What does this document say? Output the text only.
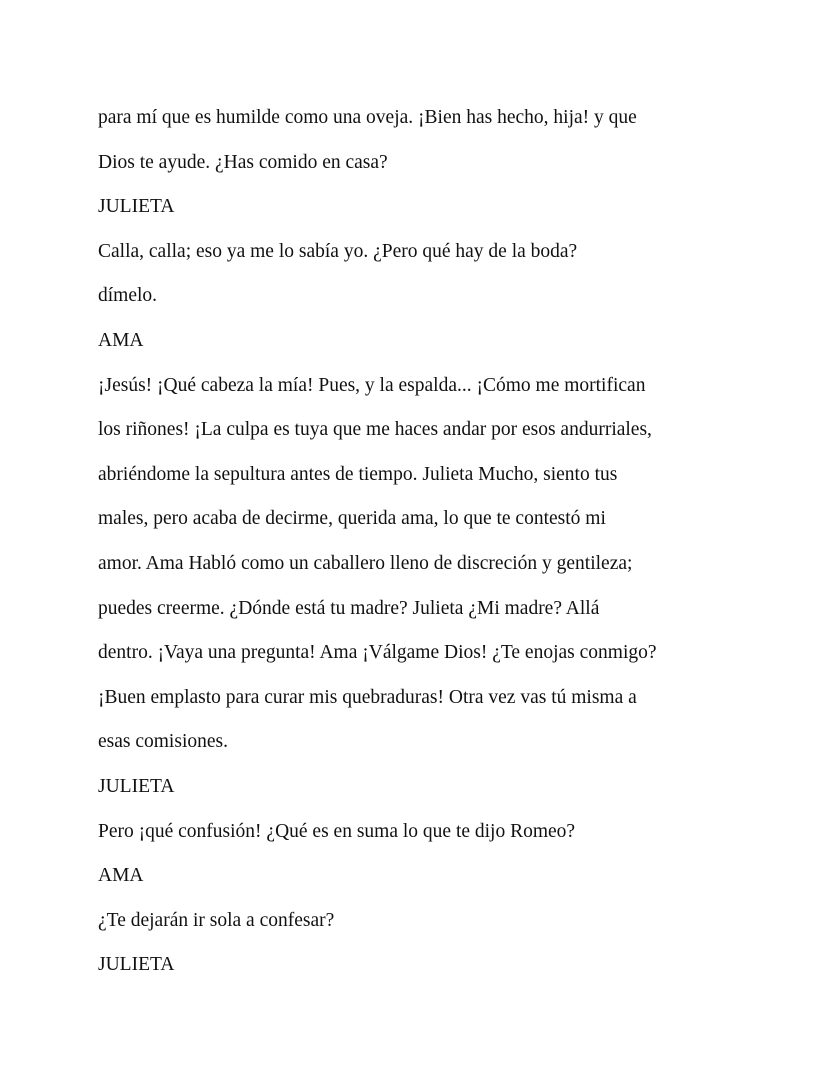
para mí que es humilde como una oveja. ¡Bien has hecho, hija! y que

Dios te ayude. ¿Has comido en casa?

JULIETA

Calla, calla; eso ya me lo sabía yo. ¿Pero qué hay de la boda?

dímelo.

AMA

¡Jesús! ¡Qué cabeza la mía! Pues, y la espalda... ¡Cómo me mortifican

los riñones! ¡La culpa es tuya que me haces andar por esos andurriales,

abriéndome la sepultura antes de tiempo. Julieta Mucho, siento tus

males, pero acaba de decirme, querida ama, lo que te contestó mi

amor. Ama Habló como un caballero lleno de discreción y gentileza;

puedes creerme. ¿Dónde está tu madre? Julieta ¿Mi madre? Allá

dentro. ¡Vaya una pregunta! Ama ¡Válgame Dios! ¿Te enojas conmigo?

¡Buen emplasto para curar mis quebraduras! Otra vez vas tú misma a

esas comisiones.

JULIETA

Pero ¡qué confusión! ¿Qué es en suma lo que te dijo Romeo?

AMA

¿Te dejarán ir sola a confesar?

JULIETA
